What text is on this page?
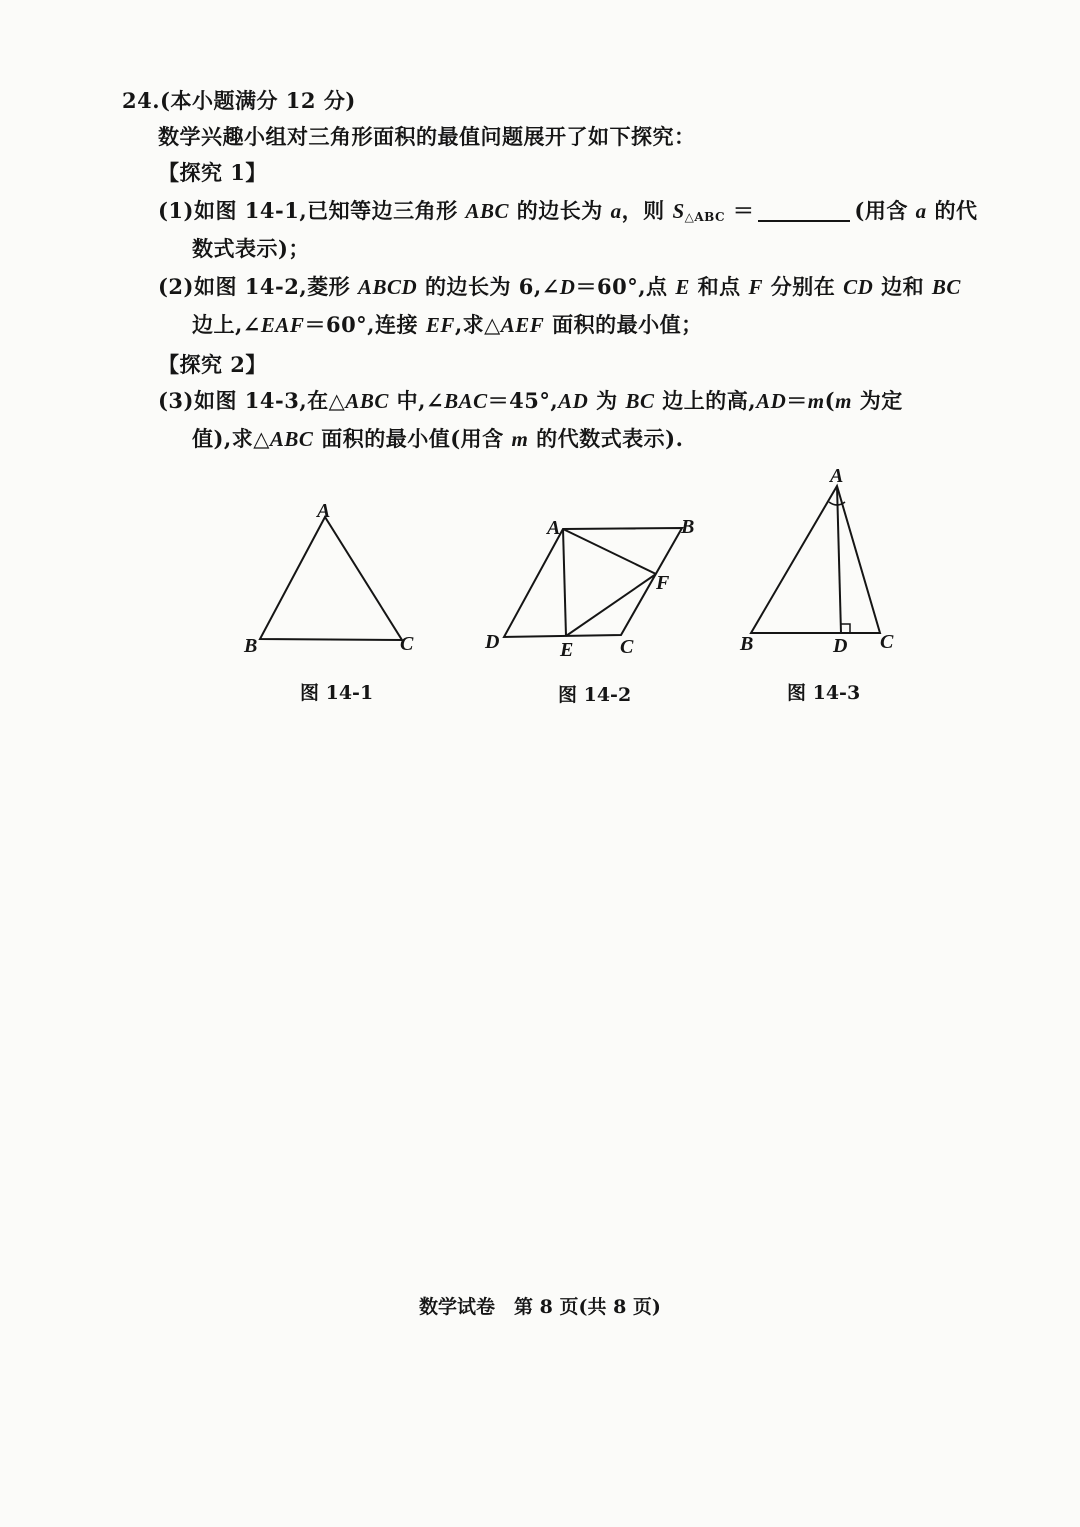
24.(本小题满分 12 分)
数学兴趣小组对三角形面积的最值问题展开了如下探究：
【探究 1】
(1)如图 14-1,已知等边三角形 ABC 的边长为 a，则 $S_{\triangle ABC}$ ＝	(用含 a 的代
数式表示)；
(2)如图 14-2,菱形 ABCD 的边长为 6,∠D＝60°,点 E 和点 F 分别在 CD 边和 BC
边上,∠EAF＝60°,连接 EF,求△AEF 面积的最小值；
【探究 2】
(3)如图 14-3,在△ABC 中,∠BAC＝45°,AD 为 BC 边上的高,AD＝m(m 为定
值),求△ABC 面积的最小值(用含 m 的代数式表示).
A
B	C
图 14-1
A	B
C
D	E
F
图 14-2
A
B	D C
图 14-3
数学试卷　第 8 页(共 8 页)
